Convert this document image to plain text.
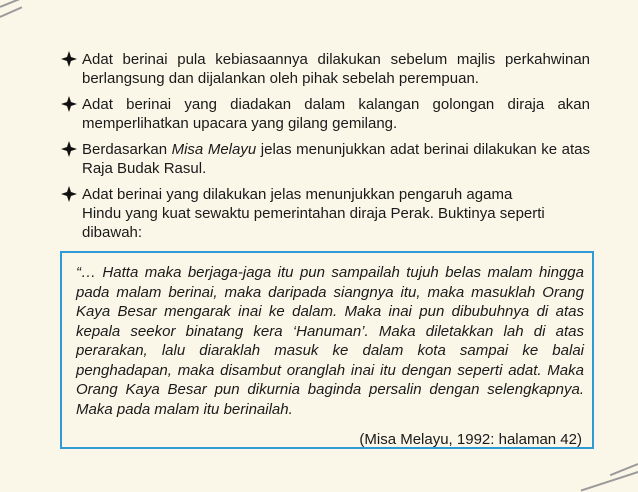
Adat berinai pula kebiasaannya dilakukan sebelum majlis perkahwinan berlangsung dan dijalankan oleh pihak sebelah perempuan.
Adat berinai yang diadakan dalam kalangan golongan diraja akan memperlihatkan upacara yang gilang gemilang.
Berdasarkan Misa Melayu jelas menunjukkan adat berinai dilakukan ke atas Raja Budak Rasul.
Adat berinai yang dilakukan jelas menunjukkan pengaruh agama Hindu yang kuat sewaktu pemerintahan diraja Perak. Buktinya seperti dibawah:
“… Hatta maka berjaga-jaga itu pun sampailah tujuh belas malam hingga pada malam berinai, maka daripada siangnya itu, maka masuklah Orang Kaya Besar mengarak inai ke dalam. Maka inai pun dibubuhnya di atas kepala seekor binatang kera ‘Hanuman’. Maka diletakkan lah di atas perarakan, lalu diaraklah masuk ke dalam kota sampai ke balai penghadapan, maka disambut oranglah inai itu dengan seperti adat. Maka Orang Kaya Besar pun dikurnia baginda persalin dengan selengkapnya. Maka pada malam itu berinailah.
(Misa Melayu, 1992: halaman 42)
